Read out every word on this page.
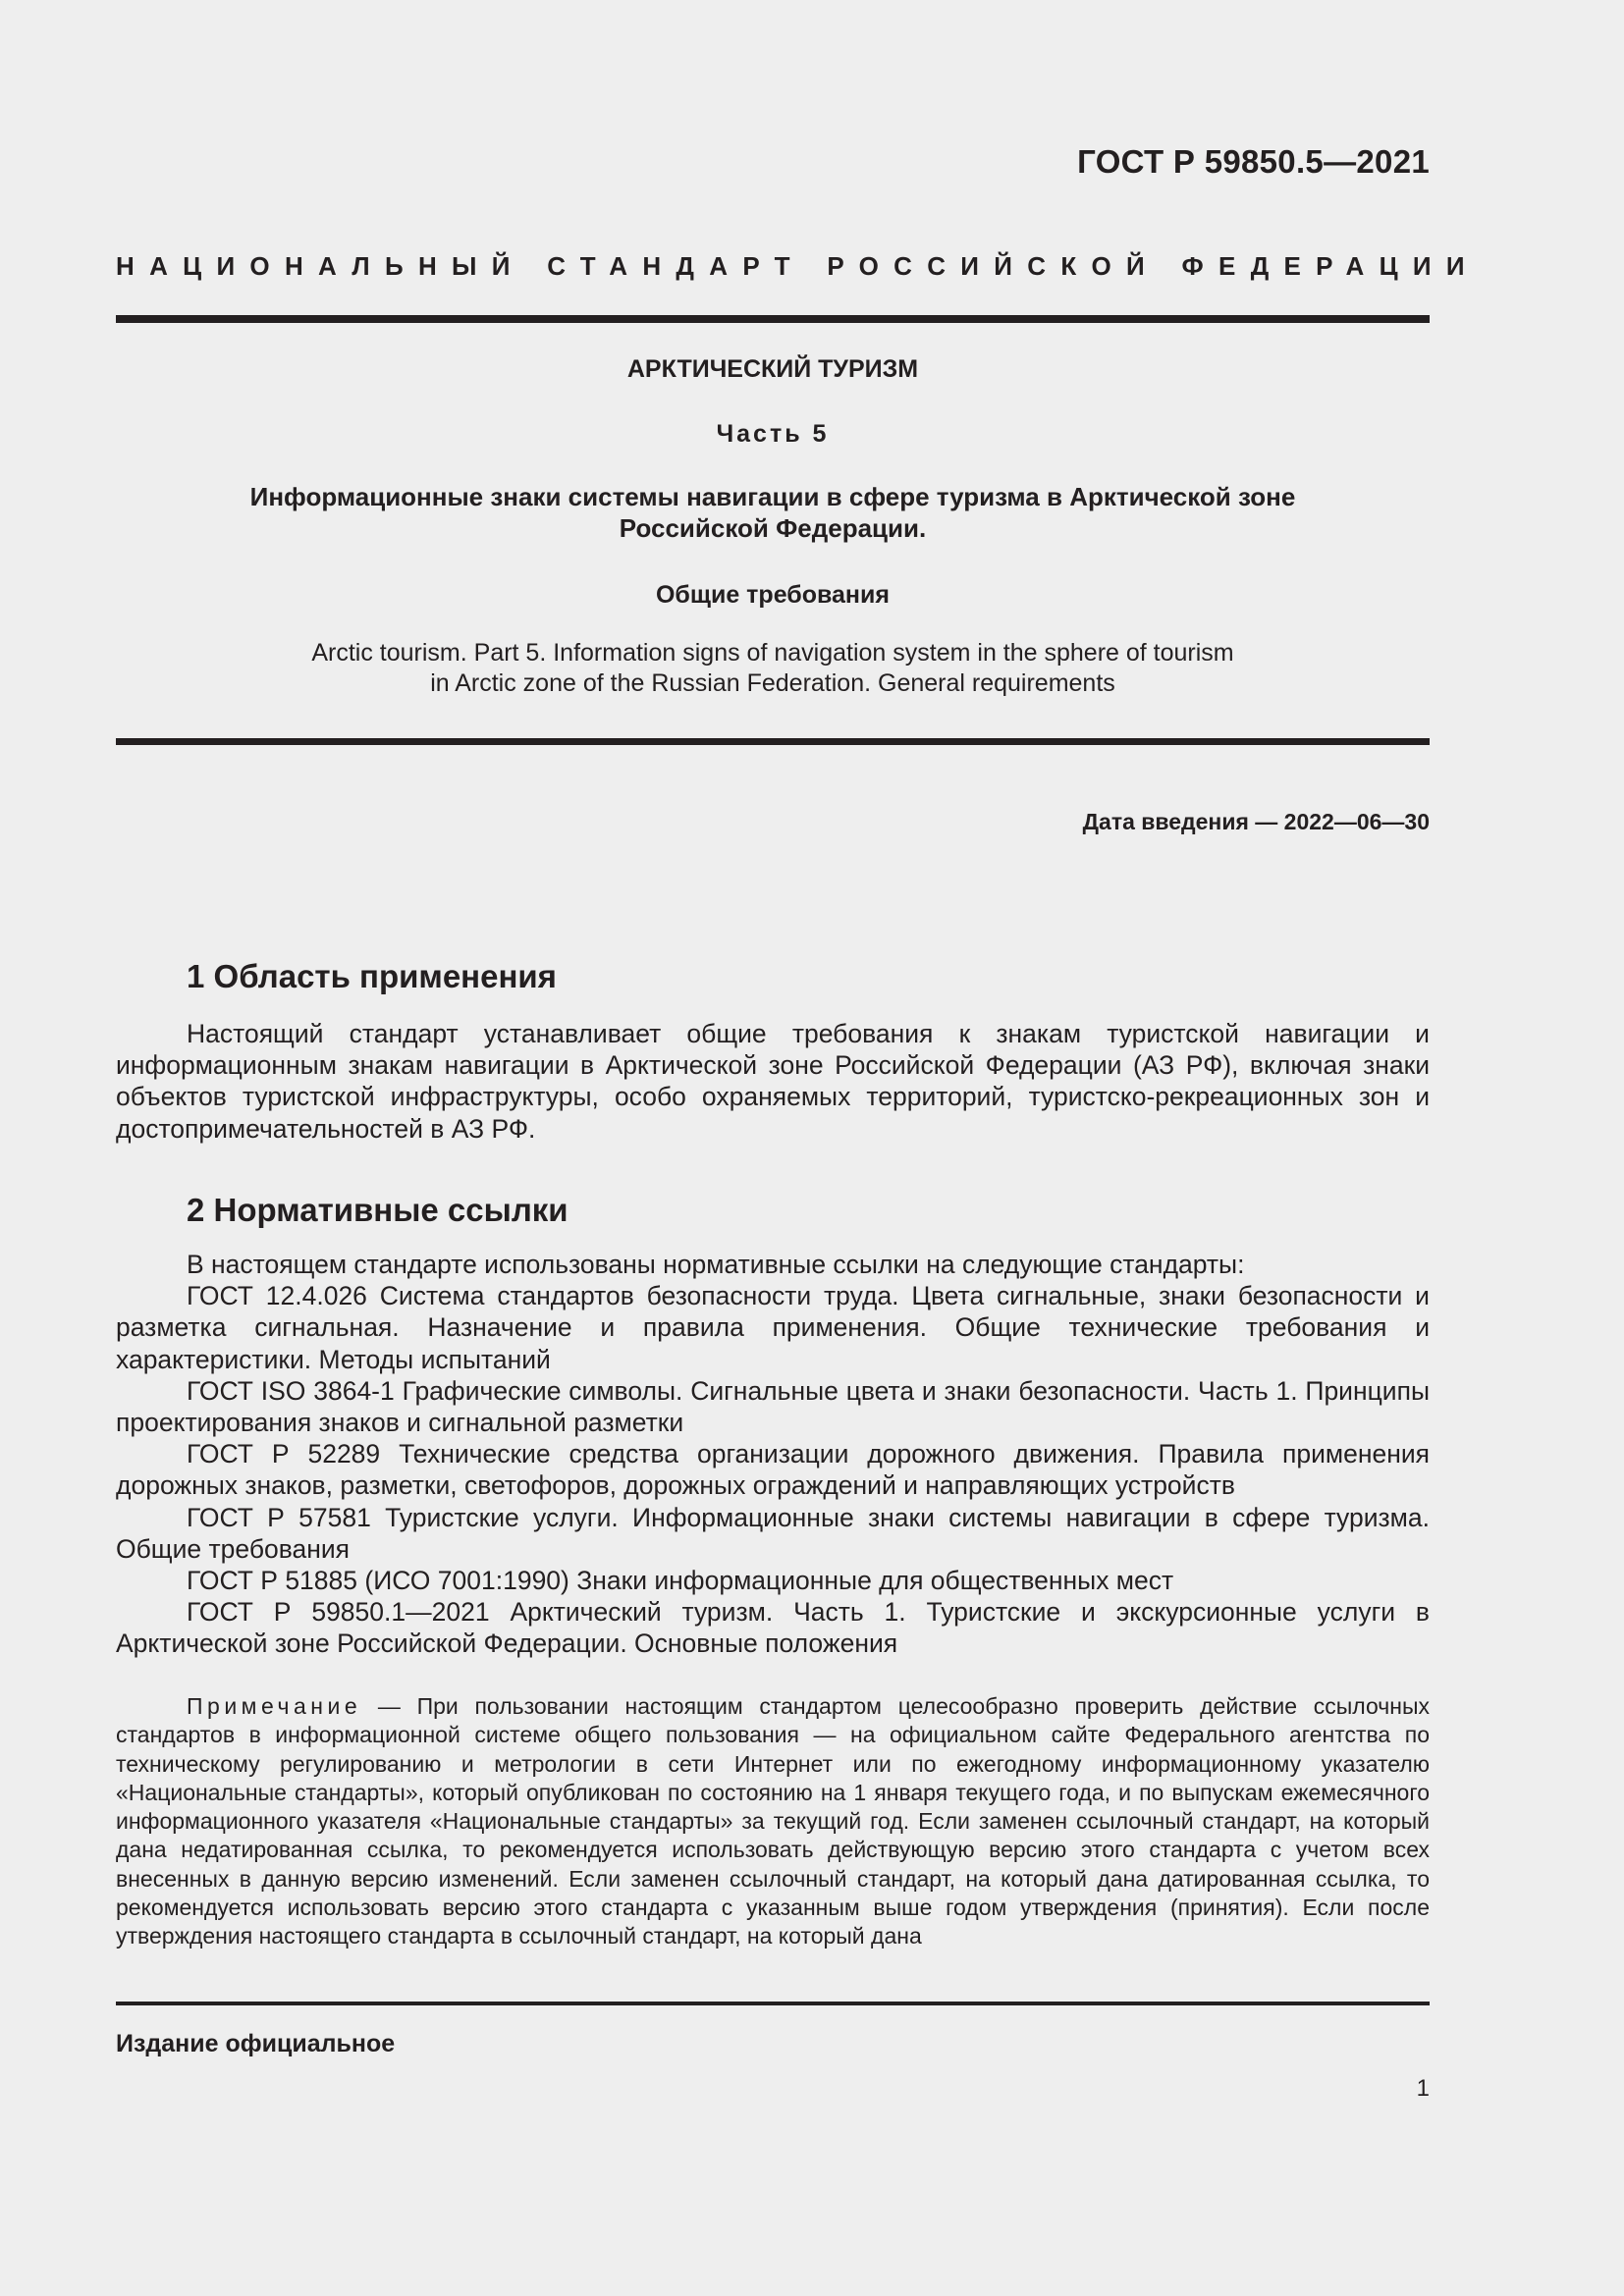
ГОСТ Р 59850.5—2021
НАЦИОНАЛЬНЫЙ СТАНДАРТ РОССИЙСКОЙ ФЕДЕРАЦИИ
АРКТИЧЕСКИЙ ТУРИЗМ
Часть 5
Информационные знаки системы навигации в сфере туризма в Арктической зоне
Российской Федерации.
Общие требования
Arctic tourism. Part 5. Information signs of navigation system in the sphere of tourism
in Arctic zone of the Russian Federation. General requirements
Дата введения — 2022—06—30
1 Область применения

Настоящий стандарт устанавливает общие требования к знакам туристской навигации и информационным знакам навигации в Арктической зоне Российской Федерации (АЗ РФ), включая знаки объектов туристской инфраструктуры, особо охраняемых территорий, туристско-рекреационных зон и достопримечательностей в АЗ РФ.

2 Нормативные ссылки
В настоящем стандарте использованы нормативные ссылки на следующие стандарты:
ГОСТ 12.4.026 Система стандартов безопасности труда. Цвета сигнальные, знаки безопасности и разметка сигнальная. Назначение и правила применения. Общие технические требования и характеристики. Методы испытаний
ГОСТ ISO 3864-1 Графические символы. Сигнальные цвета и знаки безопасности. Часть 1. Принципы проектирования знаков и сигнальной разметки
ГОСТ Р 52289 Технические средства организации дорожного движения. Правила применения дорожных знаков, разметки, светофоров, дорожных ограждений и направляющих устройств
ГОСТ Р 57581 Туристские услуги. Информационные знаки системы навигации в сфере туризма. Общие требования
ГОСТ Р 51885 (ИСО 7001:1990) Знаки информационные для общественных мест
ГОСТ Р 59850.1—2021 Арктический туризм. Часть 1. Туристские и экскурсионные услуги в Арктической зоне Российской Федерации. Основные положения

Примечание — При пользовании настоящим стандартом целесообразно проверить действие ссылочных стандартов в информационной системе общего пользования — на официальном сайте Федерального агентства по техническому регулированию и метрологии в сети Интернет или по ежегодному информационному указателю «Национальные стандарты», который опубликован по состоянию на 1 января текущего года, и по выпускам ежемесячного информационного указателя «Национальные стандарты» за текущий год. Если заменен ссылочный стандарт, на который дана недатированная ссылка, то рекомендуется использовать действующую версию этого стандарта с учетом всех внесенных в данную версию изменений. Если заменен ссылочный стандарт, на который дана датированная ссылка, то рекомендуется использовать версию этого стандарта с указанным выше годом утверждения (принятия). Если после утверждения настоящего стандарта в ссылочный стандарт, на который дана

Издание официальное
1
